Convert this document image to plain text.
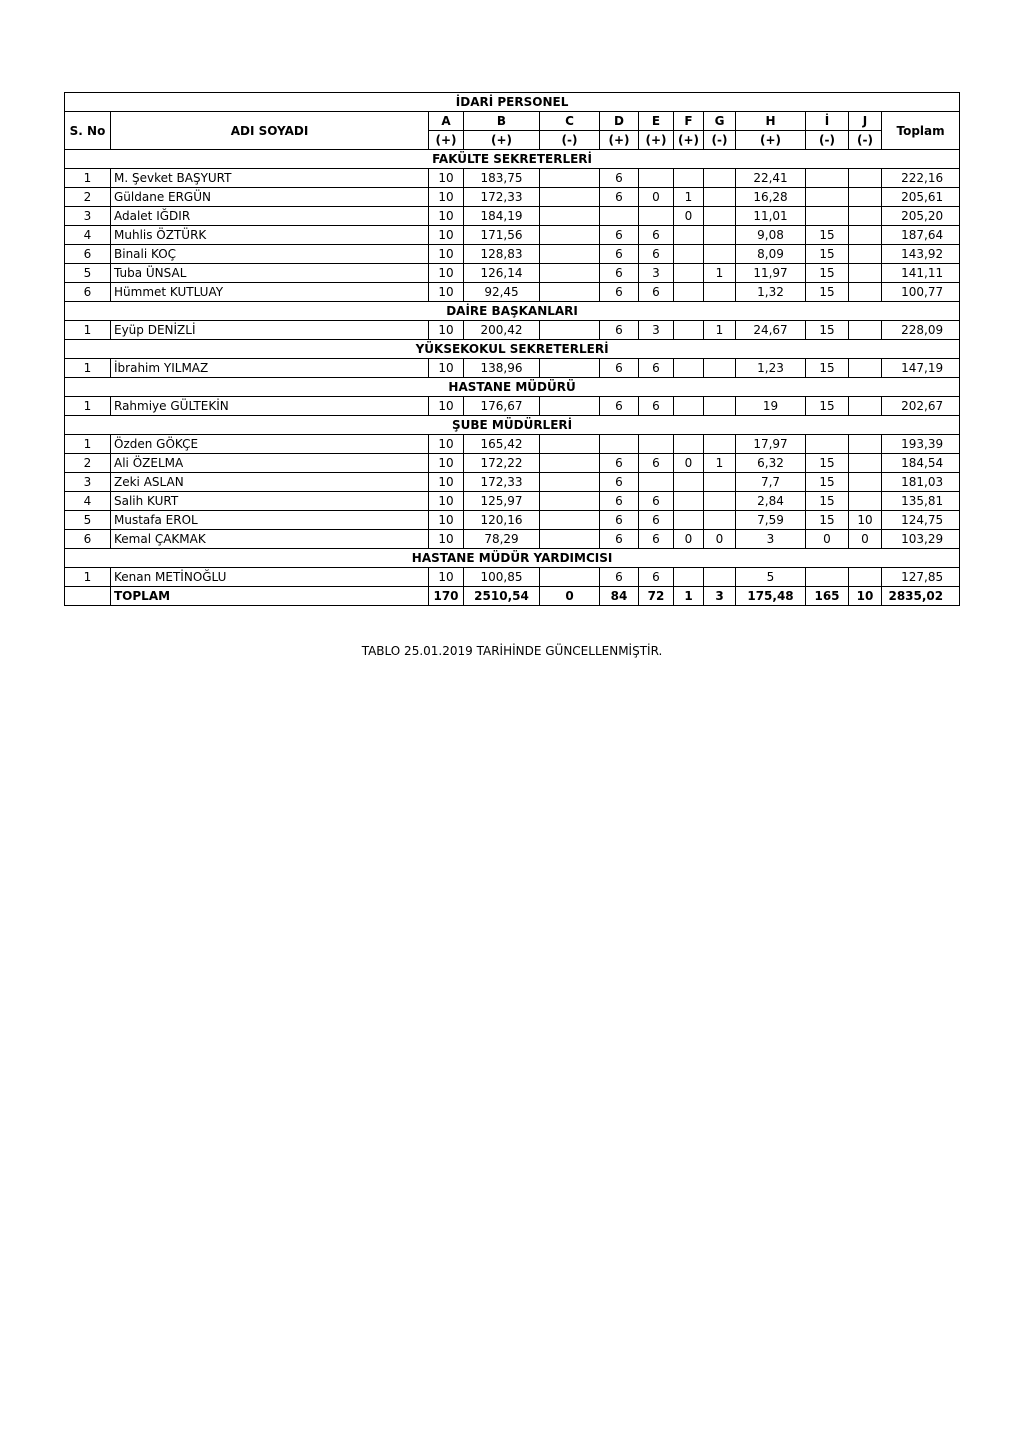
İDARİ PERSONEL												
S. No	ADI SOYADI	A	B	C	D	E	F	G	H	İ	J	Toplam
		(+)	(+)	(-)	(+)	(+)	(+)	(-)	(+)	(-)	(-)	
FAKÜLTE SEKRETERLERİ												
1	M. Şevket BAŞYURT	10	183,75		6				22,41			222,16
2	Güldane ERGÜN	10	172,33		6	0	1		16,28			205,61
3	Adalet IĞDIR	10	184,19				0		11,01			205,20
4	Muhlis ÖZTÜRK	10	171,56		6	6			9,08	15		187,64
6	Binali KOÇ	10	128,83		6	6			8,09	15		143,92
5	Tuba ÜNSAL	10	126,14		6	3		1	11,97	15		141,11
6	Hümmet KUTLUAY	10	92,45		6	6			1,32	15		100,77
DAİRE BAŞKANLARI												
1	Eyüp DENİZLİ	10	200,42		6	3		1	24,67	15		228,09
YÜKSEKOKUL SEKRETERLERİ												
1	İbrahim YILMAZ	10	138,96		6	6			1,23	15		147,19
HASTANE MÜDÜRÜ												
1	Rahmiye GÜLTEKİN	10	176,67		6	6			19	15		202,67
ŞUBE MÜDÜRLERİ												
1	Özden GÖKÇE	10	165,42						17,97			193,39
2	Ali ÖZELMA	10	172,22		6	6	0	1	6,32	15		184,54
3	Zeki ASLAN	10	172,33		6				7,7	15		181,03
4	Salih KURT	10	125,97		6	6			2,84	15		135,81
5	Mustafa EROL	10	120,16		6	6			7,59	15	10	124,75
6	Kemal ÇAKMAK	10	78,29		6	6	0	0	3	0	0	103,29
HASTANE MÜDÜR YARDIMCISI												
1	Kenan METİNOĞLU	10	100,85		6	6			5			127,85
	TOPLAM	170	2510,54	0	84	72	1	3	175,48	165	10	2835,02
TABLO 25.01.2019 TARİHİNDE GÜNCELLENMİŞTİR.
